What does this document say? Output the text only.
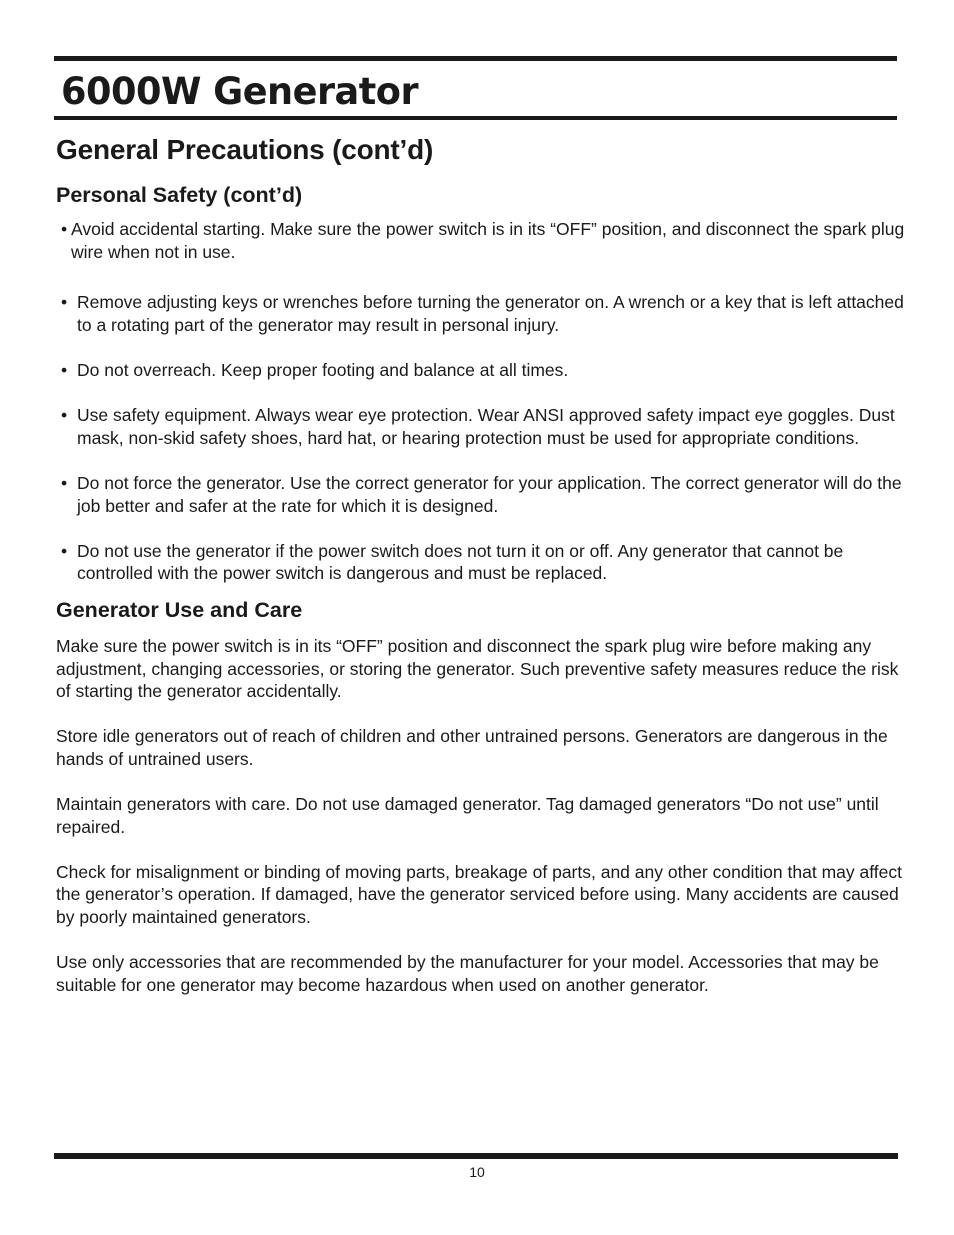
6000W Generator
General Precautions (cont’d)
Personal Safety (cont’d)
• Avoid accidental starting. Make sure the power switch is in its “OFF” position, and disconnect the spark plug wire when not in use.
• Remove adjusting keys or wrenches before turning the generator on. A wrench or a key that is left attached to a rotating part of the generator may result in personal injury.
• Do not overreach. Keep proper footing and balance at all times.
• Use safety equipment. Always wear eye protection. Wear ANSI approved safety impact eye goggles. Dust mask, non-skid safety shoes, hard hat, or hearing protection must be used for appropriate conditions.
• Do not force the generator. Use the correct generator for your application. The correct generator will do the job better and safer at the rate for which it is designed.
• Do not use the generator if the power switch does not turn it on or off. Any generator that cannot be controlled with the power switch is dangerous and must be replaced.
Generator Use and Care

Make sure the power switch is in its “OFF” position and disconnect the spark plug wire before making any adjustment, changing accessories, or storing the generator. Such preventive safety measures reduce the risk of starting the generator accidentally.

Store idle generators out of reach of children and other untrained persons. Generators are dangerous in the hands of untrained users.

Maintain generators with care. Do not use damaged generator. Tag damaged generators “Do not use” until repaired.

Check for misalignment or binding of moving parts, breakage of parts, and any other condition that may affect the generator’s operation. If damaged, have the generator serviced before using. Many accidents are caused by poorly maintained generators.

Use only accessories that are recommended by the manufacturer for your model. Accessories that may be suitable for one generator may become hazardous when used on another generator.

10
